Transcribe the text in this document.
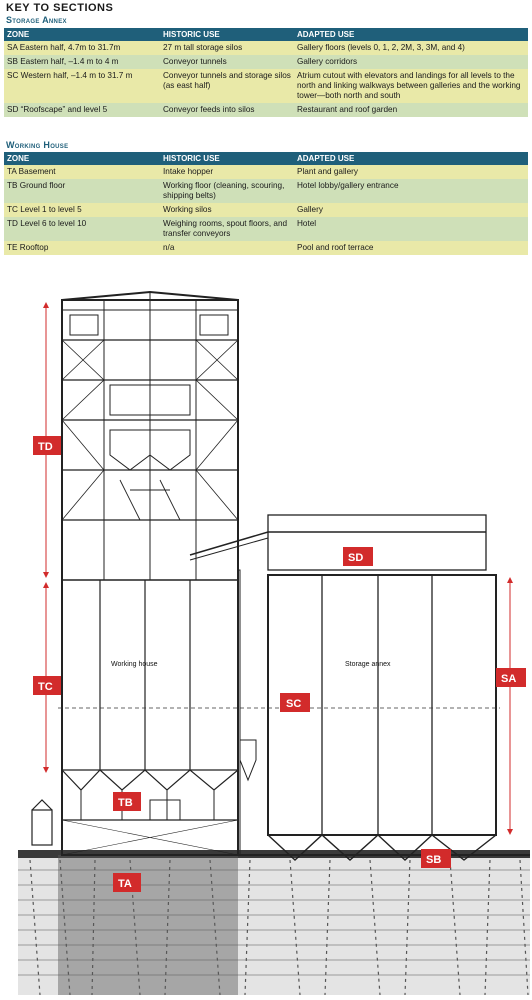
KEY TO SECTIONS
Storage Annex
ZONE	HISTORIC USE	ADAPTED USE
SA Eastern half, 4.7m to 31.7m	27 m tall storage silos	Gallery floors (levels 0, 1, 2, 2M, 3, 3M, and 4)
SB Eastern half, –1.4 m to 4 m	Conveyor tunnels	Gallery corridors
SC Western half, –1.4 m to 31.7 m	Conveyor tunnels and storage silos (as east half)	Atrium cutout with elevators and landings for all levels to the north and linking walkways between galleries and the working tower—both north and south
SD “Roofscape” and level 5	Conveyor feeds into silos	Restaurant and roof garden
Working House
ZONE	HISTORIC USE	ADAPTED USE
TA Basement	Intake hopper	Plant and gallery
TB Ground floor	Working floor (cleaning, scouring, shipping belts)	Hotel lobby/gallery entrance
TC Level 1 to level 5	Working silos	Gallery
TD Level 6 to level 10	Weighing rooms, spout floors, and transfer conveyors	Hotel
TE Rooftop	n/a	Pool and roof terrace
Working house	Storage annex
TD
TC
TB
TA
SD
SC
SA
SB
